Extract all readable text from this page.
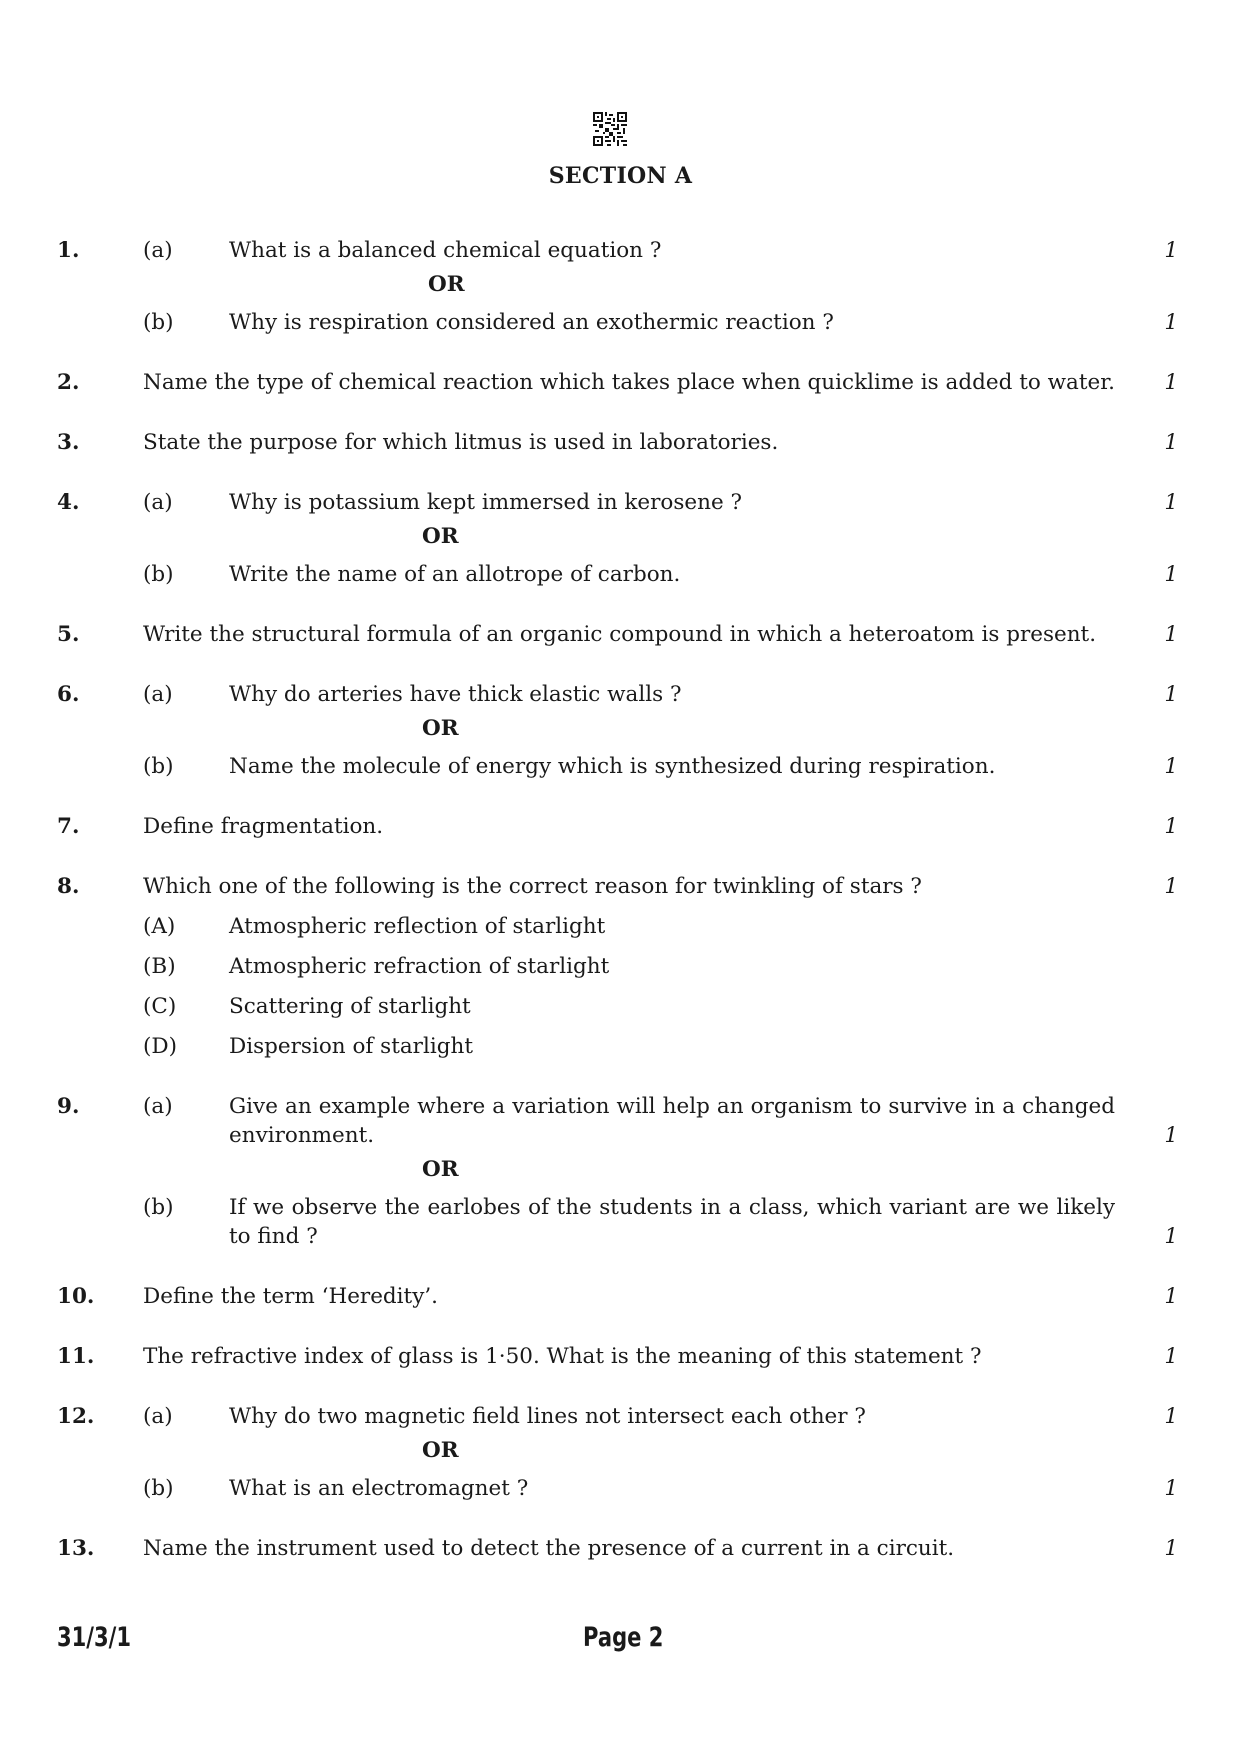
SECTION A
1.	(a)	What is a balanced chemical equation ?	1
OR
(b)	Why is respiration considered an exothermic reaction ?	1
2.	Name the type of chemical reaction which takes place when quicklime is added to water. 1
3.	State the purpose for which litmus is used in laboratories.	1
4.	(a)	Why is potassium kept immersed in kerosene ?	1
OR
(b)	Write the name of an allotrope of carbon.	1
5.	Write the structural formula of an organic compound in which a heteroatom is present.	1
6.	(a)	Why do arteries have thick elastic walls ?	1
OR
(b)	Name the molecule of energy which is synthesized during respiration.	1
7.	Define fragmentation.	1
8.	Which one of the following is the correct reason for twinkling of stars ?	1
(A) Atmospheric reflection of starlight
(B) Atmospheric refraction of starlight
(C) Scattering of starlight
(D) Dispersion of starlight
9.	(a)	Give an example where a variation will help an organism to survive in a changed environment.	1
OR
(b)	If we observe the earlobes of the students in a class, which variant are we likely to find ?	1
10. Define the term ‘Heredity’.	1
11. The refractive index of glass is 1·50. What is the meaning of this statement ?	1
12. (a)	Why do two magnetic field lines not intersect each other ?	1
OR
(b)	What is an electromagnet ?	1
13. Name the instrument used to detect the presence of a current in a circuit.	1
31/3/1	Page 2
